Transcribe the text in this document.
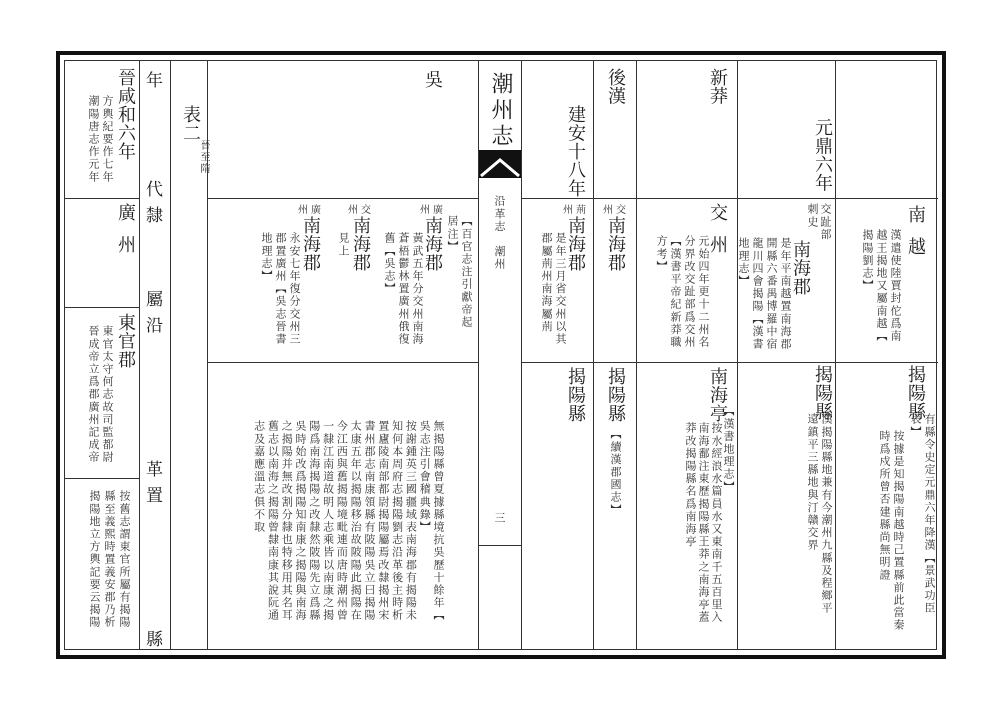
潮州志
沿革志　潮州
三
表二
晉至隋
年
代
隸
屬
沿
革
置
縣
晉咸和六年
方輿紀要作七年
潮陽唐志作元年
廣州
東官郡
東官太守何志故司監都尉
晉成帝立爲郡廣州記成帝
按舊志謂東官所屬有揭陽
縣至義熙時置義安郡乃析
揭陽地立方輿記要云揭陽
吳
【百官志注引獻帝起
居注】
廣州
南海郡
黃武五年分交州南海
蒼梧鬱林置廣州俄復
舊【吳志】
交州
南海郡
見上
廣州
南海郡
永安七年復分交州三
郡置廣州【吳志晉書
地理志】
無揭陽縣曾夏據縣境抗吳歷十餘年【
吳志注引會稽典錄】
按謝鍾英三國疆域表南海郡有揭陽未
知何本周府志揭陽劉志沿革後主時析
置廬陵南部都尉揭陽屬焉改隸揭州宋
書州郡志南康領縣有陂陽吳立曰揭陽
太康五年以揭陽移治故陂陽此揭陽在
今江西與舊揭陽境毗連而唐時潮州曾
一隸江南道故明人志乘皆以南康之揭
陽爲南海揭陽之改隸然陂陽先立爲縣
吳時始改爲揭陽知南康之揭陽與南海
之揭陽并無改割分隸也特移用其名耳
舊志以南海之揭陽曾隸南康其說阮通
志及嘉應溫志俱不取
建安十八年
荊州
南海郡
是年三月省交州以其
郡屬荊州南海屬荊
揭陽縣
後漢
交州
南海郡
揭陽縣
【續漢郡國志】
新莽
交州
元始四年更十二州名
分界改交趾部爲交州
【漢書平帝紀新莽職
方考】
南海亭
【漢書地理志】
按水經浪水篇員水又東南千五百里入
南海鄱注東歷揭陽縣王莽之南海亭蓋
莽改揭陽縣名爲南海亭
元鼎六年
交趾部
刺史
南海郡
是年平南越置南海郡
開縣六番禺博羅中宿
龍川四會揭陽【漢書
地理志】
揭陽縣
漢揭陽縣地兼有今潮州九縣及程鄉平
遠鎮平三縣地與汀贛交界
南越
漢遣使陸賈封佗爲南
越王揭地又屬南越【
揭陽劉志】
揭陽縣
有縣令史定元鼎六年降漢【景武功臣
表】
按據是知揭陽南越時己置縣前此當秦
時爲戍所曾否建縣尚無明證
